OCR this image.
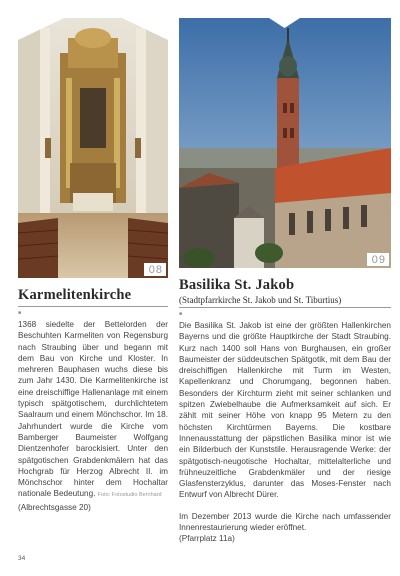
08
Karmelitenkirche
■

1368 siedelte der Bettelorden der Beschuhten Karmeliten von Regensburg nach Straubing über und begann mit dem Bau von Kirche und Kloster. In mehreren Bauphasen wuchs diese bis zum Jahr 1430. Die Karmelitenkirche ist eine dreischiffige Hallenanlage mit einem typisch spätgotischem, durchlichtetem Saalraum und einem Mönchschor. Im 18. Jahrhundert wurde die Kirche vom Bamberger Baumeister Wolfgang Dientzenhofer barockisiert. Unter den spätgotischen Grabdenkmälern hat das Hochgrab für Herzog Albrecht II. im Mönchschor hinter dem Hochaltar nationale Bedeutung. Foto: Fotostudio Bernhard

(Albrechtsgasse 20)
09
Basilika St. Jakob
(Stadtpfarrkirche St. Jakob und St. Tiburtius)
■

Die Basilika St. Jakob ist eine der größten Hallenkirchen Bayerns und die größte Hauptkirche der Stadt Straubing. Kurz nach 1400 soll Hans von Burghausen, ein großer Baumeister der süddeutschen Spätgotik, mit dem Bau der dreischiffigen Hallenkirche mit Turm im Westen, Kapellenkranz und Chorumgang, begonnen haben. Besonders der Kirchturm zieht mit seiner schlanken und spitzen Zwiebelhaube die Aufmerksamkeit auf sich. Er zählt mit seiner Höhe von knapp 95 Metern zu den höchsten Kirchtürmen Bayerns. Die kostbare Innenausstattung der päpstlichen Basilika minor ist wie ein Bilderbuch der Kunststile. Herausragende Werke: der spätgotisch-neugotische Hochaltar, mittelalterliche und frühneuzeitliche Grabdenkmäler und der riesige Glasfensterzyklus, darunter das Moses-Fenster nach Entwurf von Albrecht Dürer.

Im Dezember 2013 wurde die Kirche nach umfassender Innenrestaurierung wieder eröffnet.

(Pfarrplatz 11a)
34
